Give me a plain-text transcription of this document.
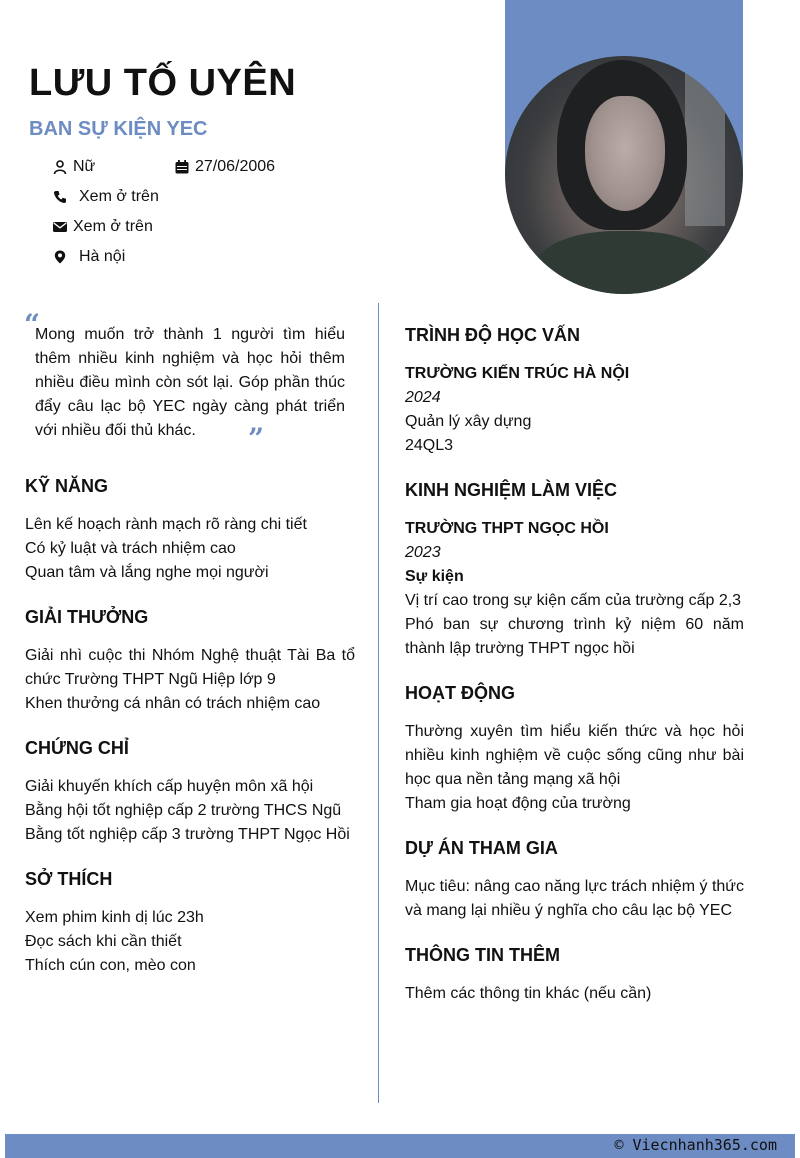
LƯU TỐ UYÊN
BAN SỰ KIỆN YEC
Nữ	27/06/2006
Xem ở trên
Xem ở trên
Hà nội
“
Mong muốn trở thành 1 người tìm hiểu thêm nhiều kinh nghiệm và học hỏi thêm nhiều điều mình còn sót lại. Góp phần thúc đẩy câu lạc bộ YEC ngày càng phát triển với nhiều đối thủ khác.	”
KỸ NĂNG
Lên kế hoạch rành mạch rõ ràng chi tiết
Có kỷ luật và trách nhiệm cao
Quan tâm và lắng nghe mọi người
GIẢI THƯỞNG
Giải nhì cuộc thi Nhóm Nghệ thuật Tài Ba tổ chức Trường THPT Ngũ Hiệp lớp 9
Khen thưởng cá nhân có trách nhiệm cao
CHỨNG CHỈ
Giải khuyến khích cấp huyện môn xã hội
Bằng hội tốt nghiệp cấp 2 trường THCS Ngũ
Bằng tốt nghiệp cấp 3 trường THPT Ngọc Hồi
SỞ THÍCH
Xem phim kinh dị lúc 23h
Đọc sách khi cần thiết
Thích cún con, mèo con
TRÌNH ĐỘ HỌC VẤN
TRƯỜNG KIẾN TRÚC HÀ NỘI
2024
Quản lý xây dựng
24QL3
KINH NGHIỆM LÀM VIỆC
TRƯỜNG THPT NGỌC HỒI
2023
Sự kiện
Vị trí cao trong sự kiện cấm của trường cấp 2,3
Phó ban sự chương trình kỷ niệm 60 năm thành lập trường THPT ngọc hồi
HOẠT ĐỘNG
Thường xuyên tìm hiểu kiến thức và học hỏi nhiều kinh nghiệm về cuộc sống cũng như bài học qua nền tảng mạng xã hội
Tham gia hoạt động của trường
DỰ ÁN THAM GIA
Mục tiêu: nâng cao năng lực trách nhiệm ý thức và mang lại nhiều ý nghĩa cho câu lạc bộ YEC
THÔNG TIN THÊM
Thêm các thông tin khác (nếu cần)
© Viecnhanh365.com
